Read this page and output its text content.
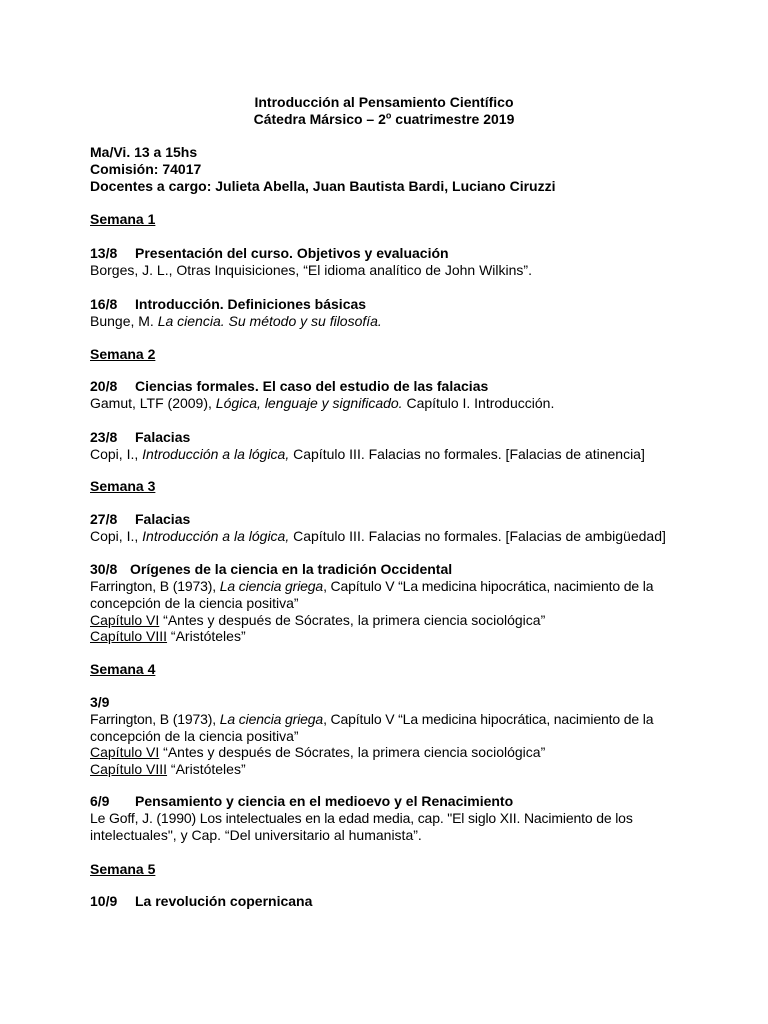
Introducción al Pensamiento Científico
Cátedra Mársico – 2$^o$ cuatrimestre 2019
Ma/Vi. 13 a 15hs
Comisión: 74017
Docentes a cargo: Julieta Abella, Juan Bautista Bardi, Luciano Ciruzzi
Semana 1
13/8 Presentación del curso. Objetivos y evaluación
Borges, J. L., Otras Inquisiciones, “El idioma analítico de John Wilkins”.
16/8 Introducción. Definiciones básicas
Bunge, M. La ciencia. Su método y su filosofía.
Semana 2
20/8 Ciencias formales. El caso del estudio de las falacias
Gamut, LTF (2009), Lógica, lenguaje y significado. Capítulo I. Introducción.
23/8 Falacias
Copi, I., Introducción a la lógica, Capítulo III. Falacias no formales. [Falacias de atinencia]
Semana 3
27/8 Falacias
Copi, I., Introducción a la lógica, Capítulo III. Falacias no formales. [Falacias de ambigüedad]
30/8 Orígenes de la ciencia en la tradición Occidental
Farrington, B (1973), La ciencia griega, Capítulo V “La medicina hipocrática, nacimiento de la
concepción de la ciencia positiva”
Capítulo VI “Antes y después de Sócrates, la primera ciencia sociológica”
Capítulo VIII “Aristóteles”
Semana 4
3/9
Farrington, B (1973), La ciencia griega, Capítulo V “La medicina hipocrática, nacimiento de la
concepción de la ciencia positiva”
Capítulo VI “Antes y después de Sócrates, la primera ciencia sociológica”
Capítulo VIII “Aristóteles”
6/9 Pensamiento y ciencia en el medioevo y el Renacimiento
Le Goff, J. (1990) Los intelectuales en la edad media, cap. "El siglo XII. Nacimiento de los
intelectuales", y Cap. “Del universitario al humanista”.
Semana 5
10/9 La revolución copernicana
